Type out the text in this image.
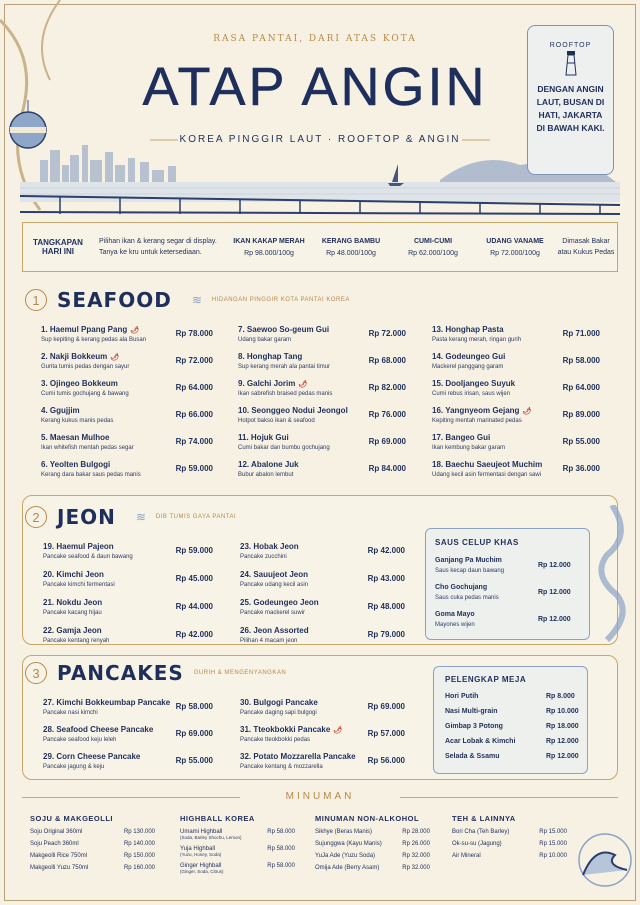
RASA PANTAI, DARI ATAS KOTA
ATAP ANGIN
KOREA PINGGIR LAUT · ROOFTOP & ANGIN
ROOFTOP
DENGAN ANGIN LAUT, BUSAN DI HATI, JAKARTA DI BAWAH KAKI.
TANGKAPAN HARI INI
Pilihan ikan & kerang segar di display. Tanya ke kru untuk ketersediaan.
IKAN KAKAP MERAH
Rp 98.000/100g
KERANG BAMBU
Rp 48.000/100g
CUMI-CUMI
Rp 62.000/100g
UDANG VANAME
Rp 72.000/100g
Dimasak Bakar atau Kukus Pedas
1 SEAFOOD ≋ HIDANGAN PINGGIR KOTA PANTAI KOREA
1. Haemul Ppang Pang 🌶
Sup kepiting & kerang pedas ala Busan
Rp 78.000
2. Nakji Bokkeum 🌶
Gurita tumis pedas dengan sayur
Rp 72.000
3. Ojingeo Bokkeum
Cumi tumis gochujang & bawang
Rp 64.000
4. Ggujjim
Kerang kukus manis pedas
Rp 66.000
5. Maesan Mulhoe
Ikan whitefish mentah pedas segar
Rp 74.000
6. Yeolten Bulgogi
Kerang dara bakar saus pedas manis
Rp 59.000
7. Saewoo So-geum Gui
Udang bakar garam
Rp 72.000
8. Honghap Tang
Sup kerang merah ala pantai timur
Rp 68.000
9. Galchi Jorim 🌶
Ikan sabrefish braised pedas manis
Rp 82.000
10. Seonggeo Nodui Jeongol
Hotpot bakso ikan & seafood
Rp 76.000
11. Hojuk Gui
Cumi bakar dan bumbu gochujang
Rp 69.000
12. Abalone Juk
Bubur abalon lembut
Rp 84.000
13. Honghap Pasta
Pasta kerang merah, ringan gurih
Rp 71.000
14. Godeungeo Gui
Mackerel panggang garam
Rp 58.000
15. Dooljangeo Suyuk
Cumi rebus irisan, saus wijen
Rp 64.000
16. Yangnyeom Gejang 🌶
Kepiting mentah marinated pedas
Rp 89.000
17. Bangeo Gui
Ikan kembung bakar garam
Rp 55.000
18. Baechu Saeujeot Muchim
Udang kecil asin fermentasi dengan sawi
Rp 36.000
2 JEON ≋ DIB TUMIS GAYA PANTAI
19. Haemul Pajeon
Pancake seafood & daun bawang
Rp 59.000
20. Kimchi Jeon
Pancake kimchi fermentasi
Rp 45.000
21. Nokdu Jeon
Pancake kacang hijau
Rp 44.000
22. Gamja Jeon
Pancake kentang renyah
Rp 42.000
23. Hobak Jeon
Pancake zucchini
Rp 42.000
24. Sauujeot Jeon
Pancake udang kecil asin
Rp 43.000
25. Godeungeo Jeon
Pancake mackerel suwir
Rp 48.000
26. Jeon Assorted
Pilihan 4 macam jeon
Rp 79.000
SAUS CELUP KHAS
Ganjang Pa Muchim
Saus kecap daun bawang
Rp 12.000
Cho Gochujang
Saus cuka pedas manis
Rp 12.000
Goma Mayo
Mayones wijen
Rp 12.000
3 PANCAKES GURIH & MENGENYANGKAN
27. Kimchi Bokkeumbap Pancake
Pancake nasi kimchi
Rp 58.000
28. Seafood Cheese Pancake
Pancake seafood keju leleh
Rp 69.000
29. Corn Cheese Pancake
Pancake jagung & keju
Rp 55.000
30. Bulgogi Pancake
Pancake daging sapi bulgogi
Rp 69.000
31. Tteokbokki Pancake 🌶
Pancake tteokbokki pedas
Rp 57.000
32. Potato Mozzarella Pancake
Pancake kentang & mozzarella
Rp 56.000
PELENGKAP MEJA
Hori Putih	Rp 8.000
Nasi Multi-grain	Rp 10.000
Gimbap 3 Potong	Rp 18.000
Acar Lobak & Kimchi	Rp 12.000
Selada & Ssamu	Rp 12.000
MINUMAN
SOJU & MAKGEOLLI
Soju Original 360ml	Rp 130.000
Soju Peach 360ml	Rp 140.000
Makgeolli Rice 750ml	Rp 150.000
Makgeolli Yuzu 750ml	Rp 160.000
HIGHBALL KOREA
Umami Highball
(Soda, Barley Shochu, Lemon)
Rp 58.000
Yuja Highball
(Yuzu, Honey, Soda)
Rp 58.000
Ginger Highball
(Ginger, Soda, Citrus)
Rp 58.000
MINUMAN NON-ALKOHOL
Sikhye (Beras Manis)	Rp 28.000
Sujunggwa (Kayu Manis)	Rp 26.000
YuJa Ade (Yuzu Soda)	Rp 32.000
Omija Ade (Berry Asam)	Rp 32.000
TEH & LAINNYA
Bori Cha (Teh Barley)	Rp 15.000
Ok-su-su (Jagung)	Rp 15.000
Air Mineral	Rp 10.000
